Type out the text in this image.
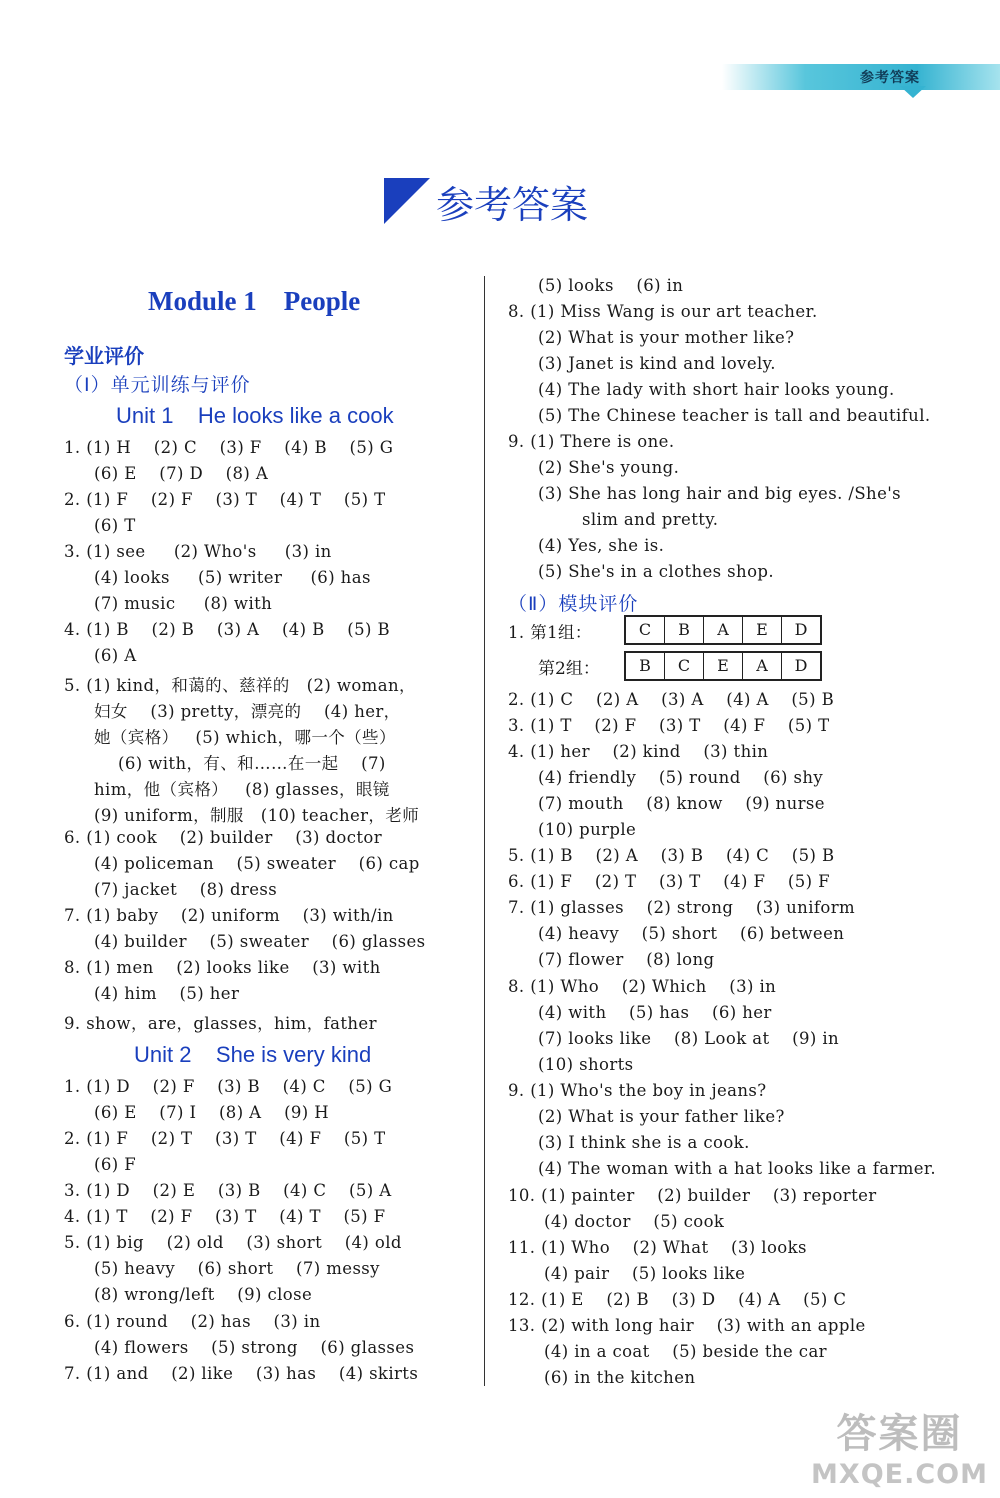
参考答案
参考答案
Module 1    People
学业评价
（Ⅰ）单元训练与评价
Unit 1    He looks like a cook
1. (1) H    (2) C    (3) F    (4) B    (5) G
(6) E    (7) D    (8) A
2. (1) F    (2) F    (3) T    (4) T    (5) T
(6) T
3. (1) see     (2) Who's     (3) in
(4) looks     (5) writer     (6) has
(7) music     (8) with
4. (1) B    (2) B    (3) A    (4) B    (5) B
(6) A
5. (1) kind，和蔼的、慈祥的   (2) woman，
妇女    (3) pretty，漂亮的    (4) her，
她（宾格）   (5) which，哪一个（些）
(6) with，有、和……在一起    (7)
him，他（宾格）   (8) glasses，眼镜
(9) uniform，制服   (10) teacher，老师
6. (1) cook    (2) builder    (3) doctor
(4) policeman    (5) sweater    (6) cap
(7) jacket    (8) dress
7. (1) baby    (2) uniform    (3) with/in
(4) builder    (5) sweater    (6) glasses
8. (1) men    (2) looks like    (3) with
(4) him    (5) her
9. show，are，glasses，him，father
Unit 2    She is very kind
1. (1) D    (2) F    (3) B    (4) C    (5) G
(6) E    (7) I    (8) A    (9) H
2. (1) F    (2) T    (3) T    (4) F    (5) T
(6) F
3. (1) D    (2) E    (3) B    (4) C    (5) A
4. (1) T    (2) F    (3) T    (4) T    (5) F
5. (1) big    (2) old    (3) short    (4) old
(5) heavy    (6) short    (7) messy
(8) wrong/left    (9) close
6. (1) round    (2) has    (3) in
(4) flowers    (5) strong    (6) glasses
7. (1) and    (2) like    (3) has    (4) skirts
(5) looks    (6) in
8. (1) Miss Wang is our art teacher.
(2) What is your mother like?
(3) Janet is kind and lovely.
(4) The lady with short hair looks young.
(5) The Chinese teacher is tall and beautiful.
9. (1) There is one.
(2) She's young.
(3) She has long hair and big eyes. /She's
slim and pretty.
(4) Yes, she is.
(5) She's in a clothes shop.
（Ⅱ）模块评价
1. 第1组：	C	B	A	E	D
第2组：	B	C	E	A	D
2. (1) C    (2) A    (3) A    (4) A    (5) B
3. (1) T    (2) F    (3) T    (4) F    (5) T
4. (1) her    (2) kind    (3) thin
(4) friendly    (5) round    (6) shy
(7) mouth    (8) know    (9) nurse
(10) purple
5. (1) B    (2) A    (3) B    (4) C    (5) B
6. (1) F    (2) T    (3) T    (4) F    (5) F
7. (1) glasses    (2) strong    (3) uniform
(4) heavy    (5) short    (6) between
(7) flower    (8) long
8. (1) Who    (2) Which    (3) in
(4) with    (5) has    (6) her
(7) looks like    (8) Look at    (9) in
(10) shorts
9. (1) Who's the boy in jeans?
(2) What is your father like?
(3) I think she is a cook.
(4) The woman with a hat looks like a farmer.
10. (1) painter    (2) builder    (3) reporter
(4) doctor    (5) cook
11. (1) Who    (2) What    (3) looks
(4) pair    (5) looks like
12. (1) E    (2) B    (3) D    (4) A    (5) C
13. (2) with long hair    (3) with an apple
(4) in a coat    (5) beside the car
(6) in the kitchen
答案圈
MXQE.COM
